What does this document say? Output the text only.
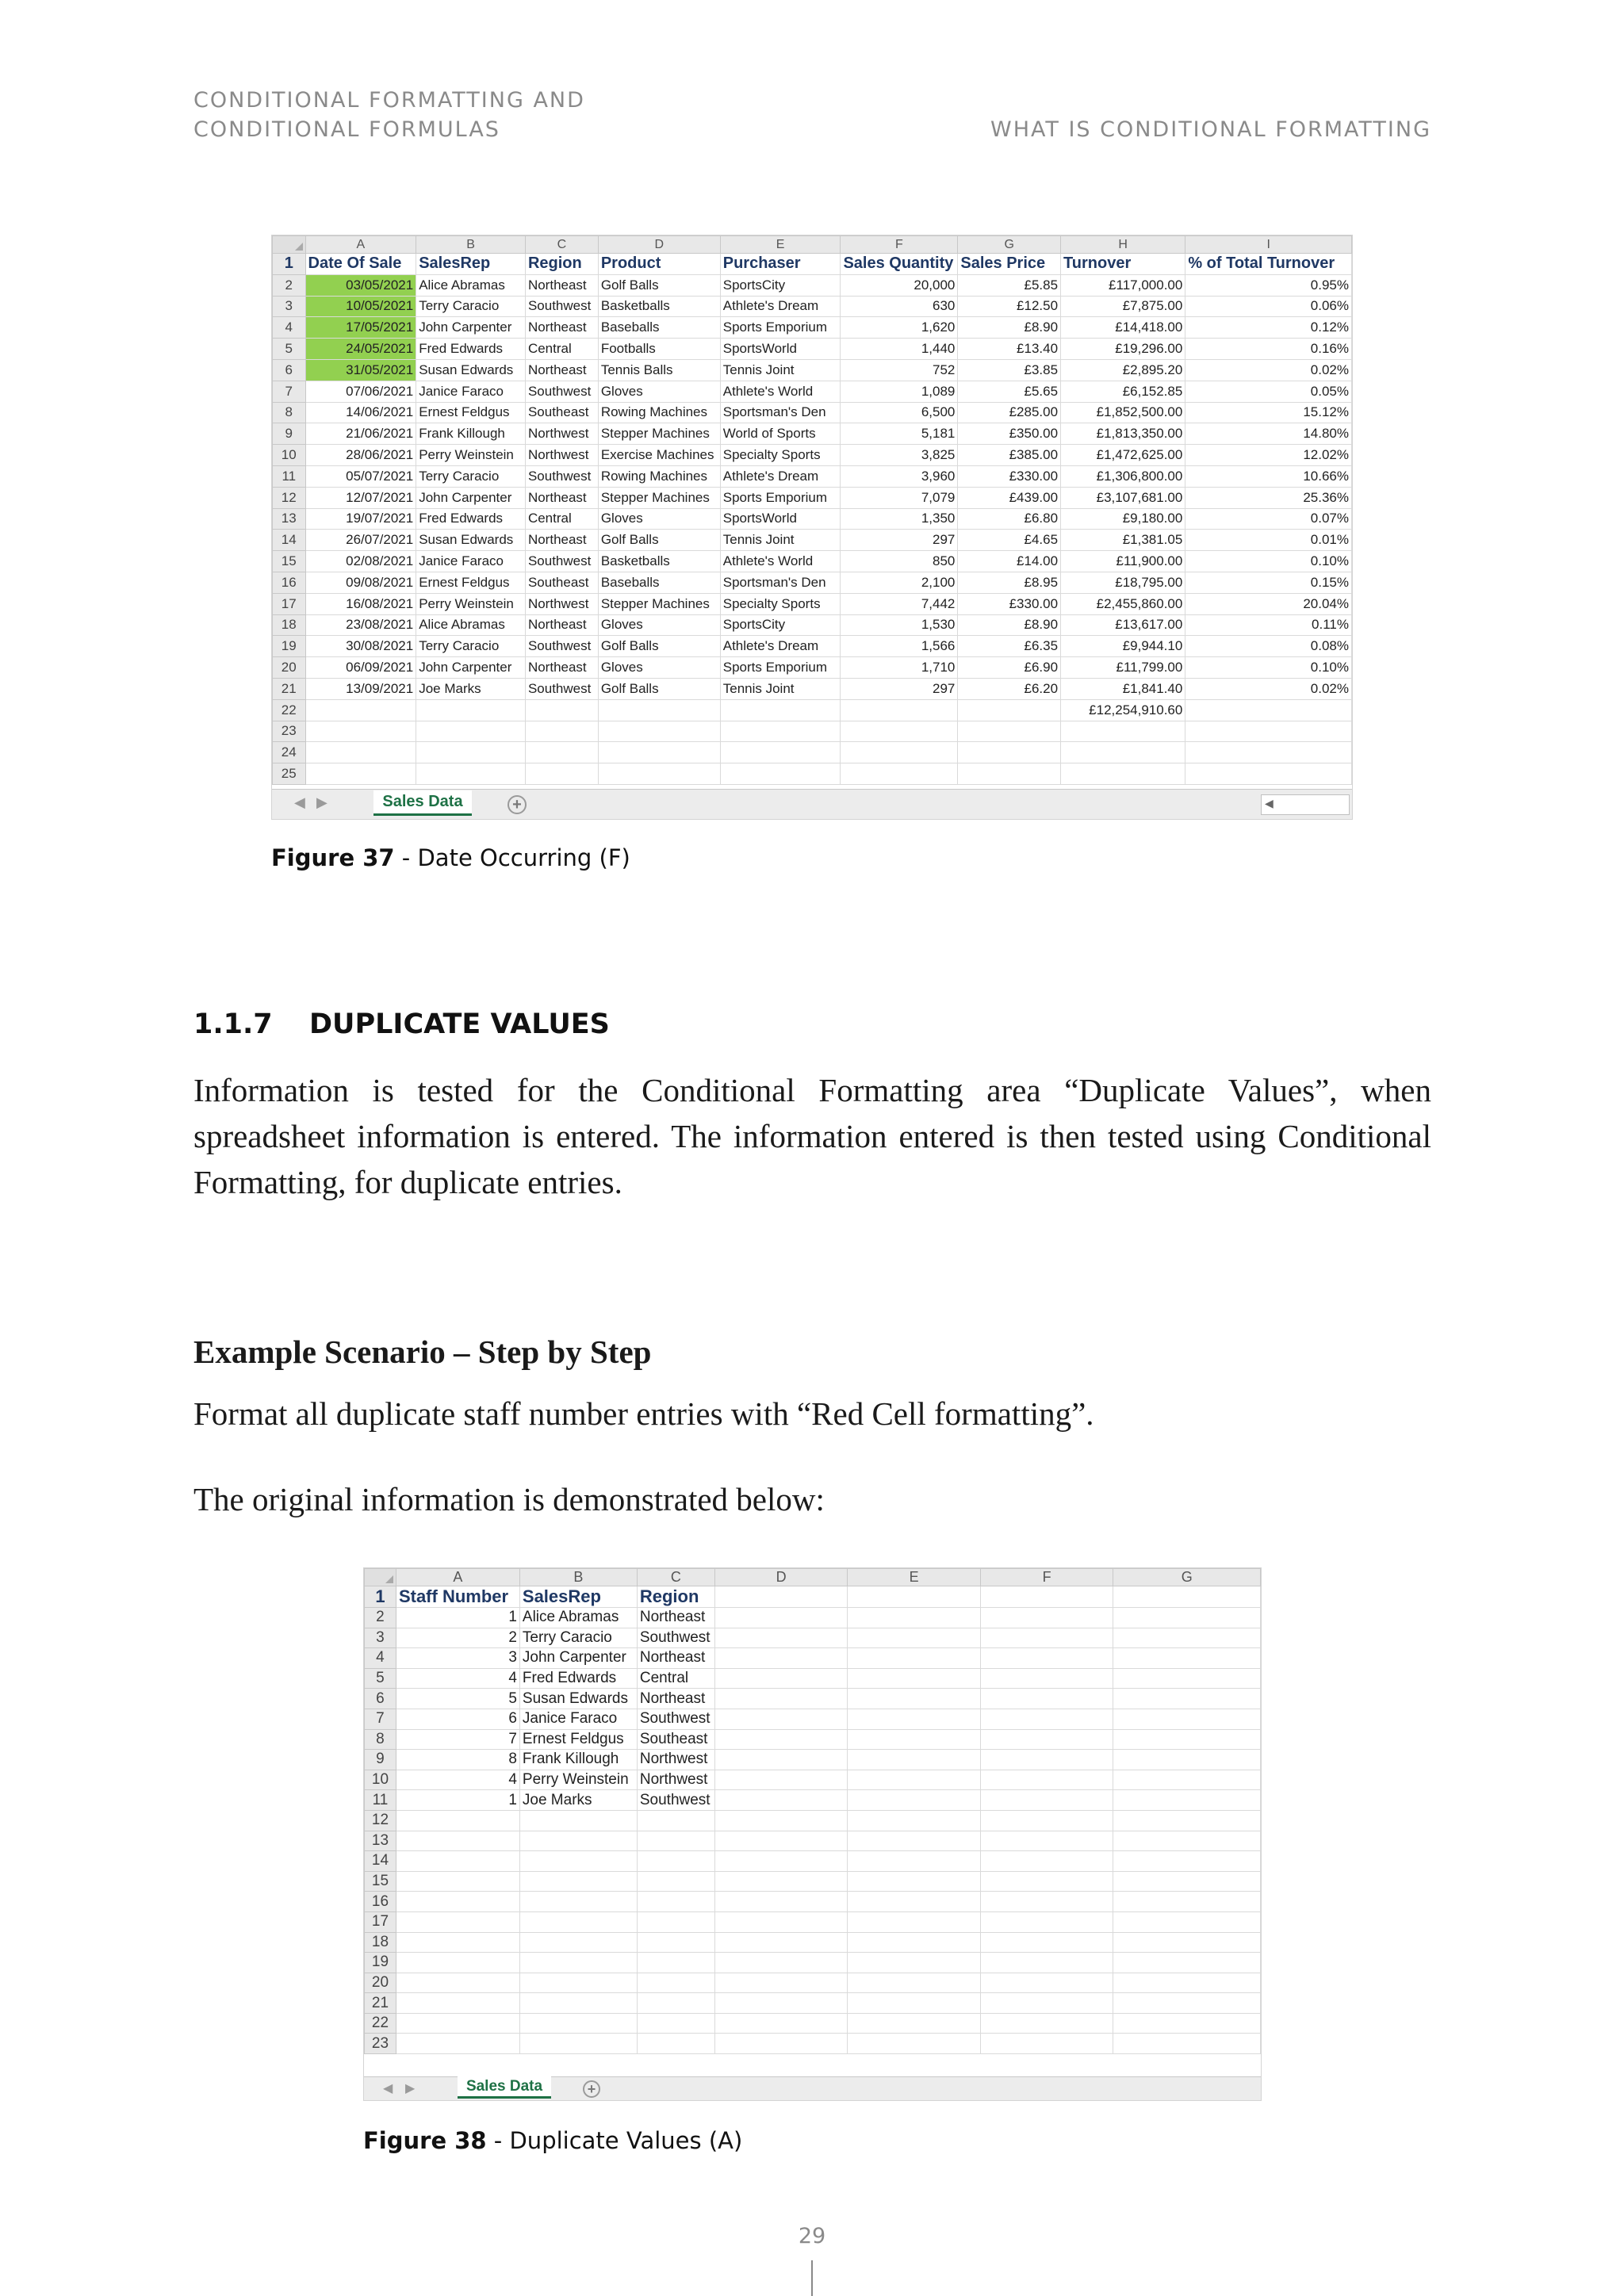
CONDITIONAL FORMATTING AND
CONDITIONAL FORMULAS	WHAT IS CONDITIONAL FORMATTING
	A	B	C	D	E	F	G	H	I
1	Date Of Sale	SalesRep	Region	Product	Purchaser	Sales Quantity	Sales Price	Turnover	% of Total Turnover
2	03/05/2021	Alice Abramas	Northeast	Golf Balls	SportsCity	20,000	£5.85	£117,000.00	0.95%
3	10/05/2021	Terry Caracio	Southwest	Basketballs	Athlete's Dream	630	£12.50	£7,875.00	0.06%
4	17/05/2021	John Carpenter	Northeast	Baseballs	Sports Emporium	1,620	£8.90	£14,418.00	0.12%
5	24/05/2021	Fred Edwards	Central	Footballs	SportsWorld	1,440	£13.40	£19,296.00	0.16%
6	31/05/2021	Susan Edwards	Northeast	Tennis Balls	Tennis Joint	752	£3.85	£2,895.20	0.02%
7	07/06/2021	Janice Faraco	Southwest	Gloves	Athlete's World	1,089	£5.65	£6,152.85	0.05%
8	14/06/2021	Ernest Feldgus	Southeast	Rowing Machines	Sportsman's Den	6,500	£285.00	£1,852,500.00	15.12%
9	21/06/2021	Frank Killough	Northwest	Stepper Machines	World of Sports	5,181	£350.00	£1,813,350.00	14.80%
10	28/06/2021	Perry Weinstein	Northwest	Exercise Machines	Specialty Sports	3,825	£385.00	£1,472,625.00	12.02%
11	05/07/2021	Terry Caracio	Southwest	Rowing Machines	Athlete's Dream	3,960	£330.00	£1,306,800.00	10.66%
12	12/07/2021	John Carpenter	Northeast	Stepper Machines	Sports Emporium	7,079	£439.00	£3,107,681.00	25.36%
13	19/07/2021	Fred Edwards	Central	Gloves	SportsWorld	1,350	£6.80	£9,180.00	0.07%
14	26/07/2021	Susan Edwards	Northeast	Golf Balls	Tennis Joint	297	£4.65	£1,381.05	0.01%
15	02/08/2021	Janice Faraco	Southwest	Basketballs	Athlete's World	850	£14.00	£11,900.00	0.10%
16	09/08/2021	Ernest Feldgus	Southeast	Baseballs	Sportsman's Den	2,100	£8.95	£18,795.00	0.15%
17	16/08/2021	Perry Weinstein	Northwest	Stepper Machines	Specialty Sports	7,442	£330.00	£2,455,860.00	20.04%
18	23/08/2021	Alice Abramas	Northeast	Gloves	SportsCity	1,530	£8.90	£13,617.00	0.11%
19	30/08/2021	Terry Caracio	Southwest	Golf Balls	Athlete's Dream	1,566	£6.35	£9,944.10	0.08%
20	06/09/2021	John Carpenter	Northeast	Gloves	Sports Emporium	1,710	£6.90	£11,799.00	0.10%
21	13/09/2021	Joe Marks	Southwest	Golf Balls	Tennis Joint	297	£6.20	£1,841.40	0.02%
22								£12,254,910.60	
23									
24									
25									
◀ ▶	Sales Data	+	◀
Figure 37 - Date Occurring (F)
1.1.7 DUPLICATE VALUES

Information is tested for the Conditional Formatting area “Duplicate Values”, when spreadsheet information is entered. The information entered is then tested using Conditional Formatting, for duplicate entries.

Example Scenario – Step by Step

Format all duplicate staff number entries with “Red Cell formatting”.

The original information is demonstrated below:

	A	B	C	D	E	F	G
1	Staff Number	SalesRep	Region				
2	1	Alice Abramas	Northeast				
3	2	Terry Caracio	Southwest				
4	3	John Carpenter	Northeast				
5	4	Fred Edwards	Central				
6	5	Susan Edwards	Northeast				
7	6	Janice Faraco	Southwest				
8	7	Ernest Feldgus	Southeast				
9	8	Frank Killough	Northwest				
10	4	Perry Weinstein	Northwest				
11	1	Joe Marks	Southwest				
12							
13							
14							
15							
16							
17							
18							
19							
20							
21							
22							
23							
◀ ▶	Sales Data	+
Figure 38 - Duplicate Values (A)
29
